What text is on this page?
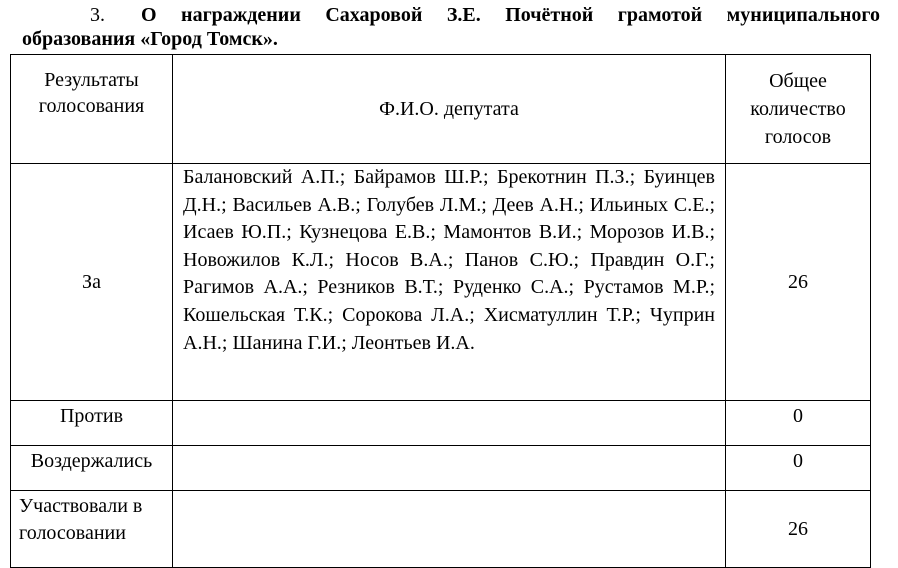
3. О награждении Сахаровой З.Е. Почётной грамотой муниципального
образования «Город Томск».
Результаты голосования	Ф.И.О. депутата	Общее количество голосов
За	Балановский А.П.; Байрамов Ш.Р.; Брекотнин П.З.; Буинцев Д.Н.; Васильев А.В.; Голубев Л.М.; Деев А.Н.; Ильиных С.Е.; Исаев Ю.П.; Кузнецова Е.В.; Мамонтов В.И.; Морозов И.В.; Новожилов К.Л.; Носов В.А.; Панов С.Ю.; Правдин О.Г.; Рагимов А.А.; Резников В.Т.; Руденко С.А.; Рустамов М.Р.; Кошельская Т.К.; Сорокова Л.А.; Хисматуллин Т.Р.; Чуприн А.Н.; Шанина Г.И.; Леонтьев И.А.	26
Против		0
Воздержались		0
Участвовали в голосовании		26
